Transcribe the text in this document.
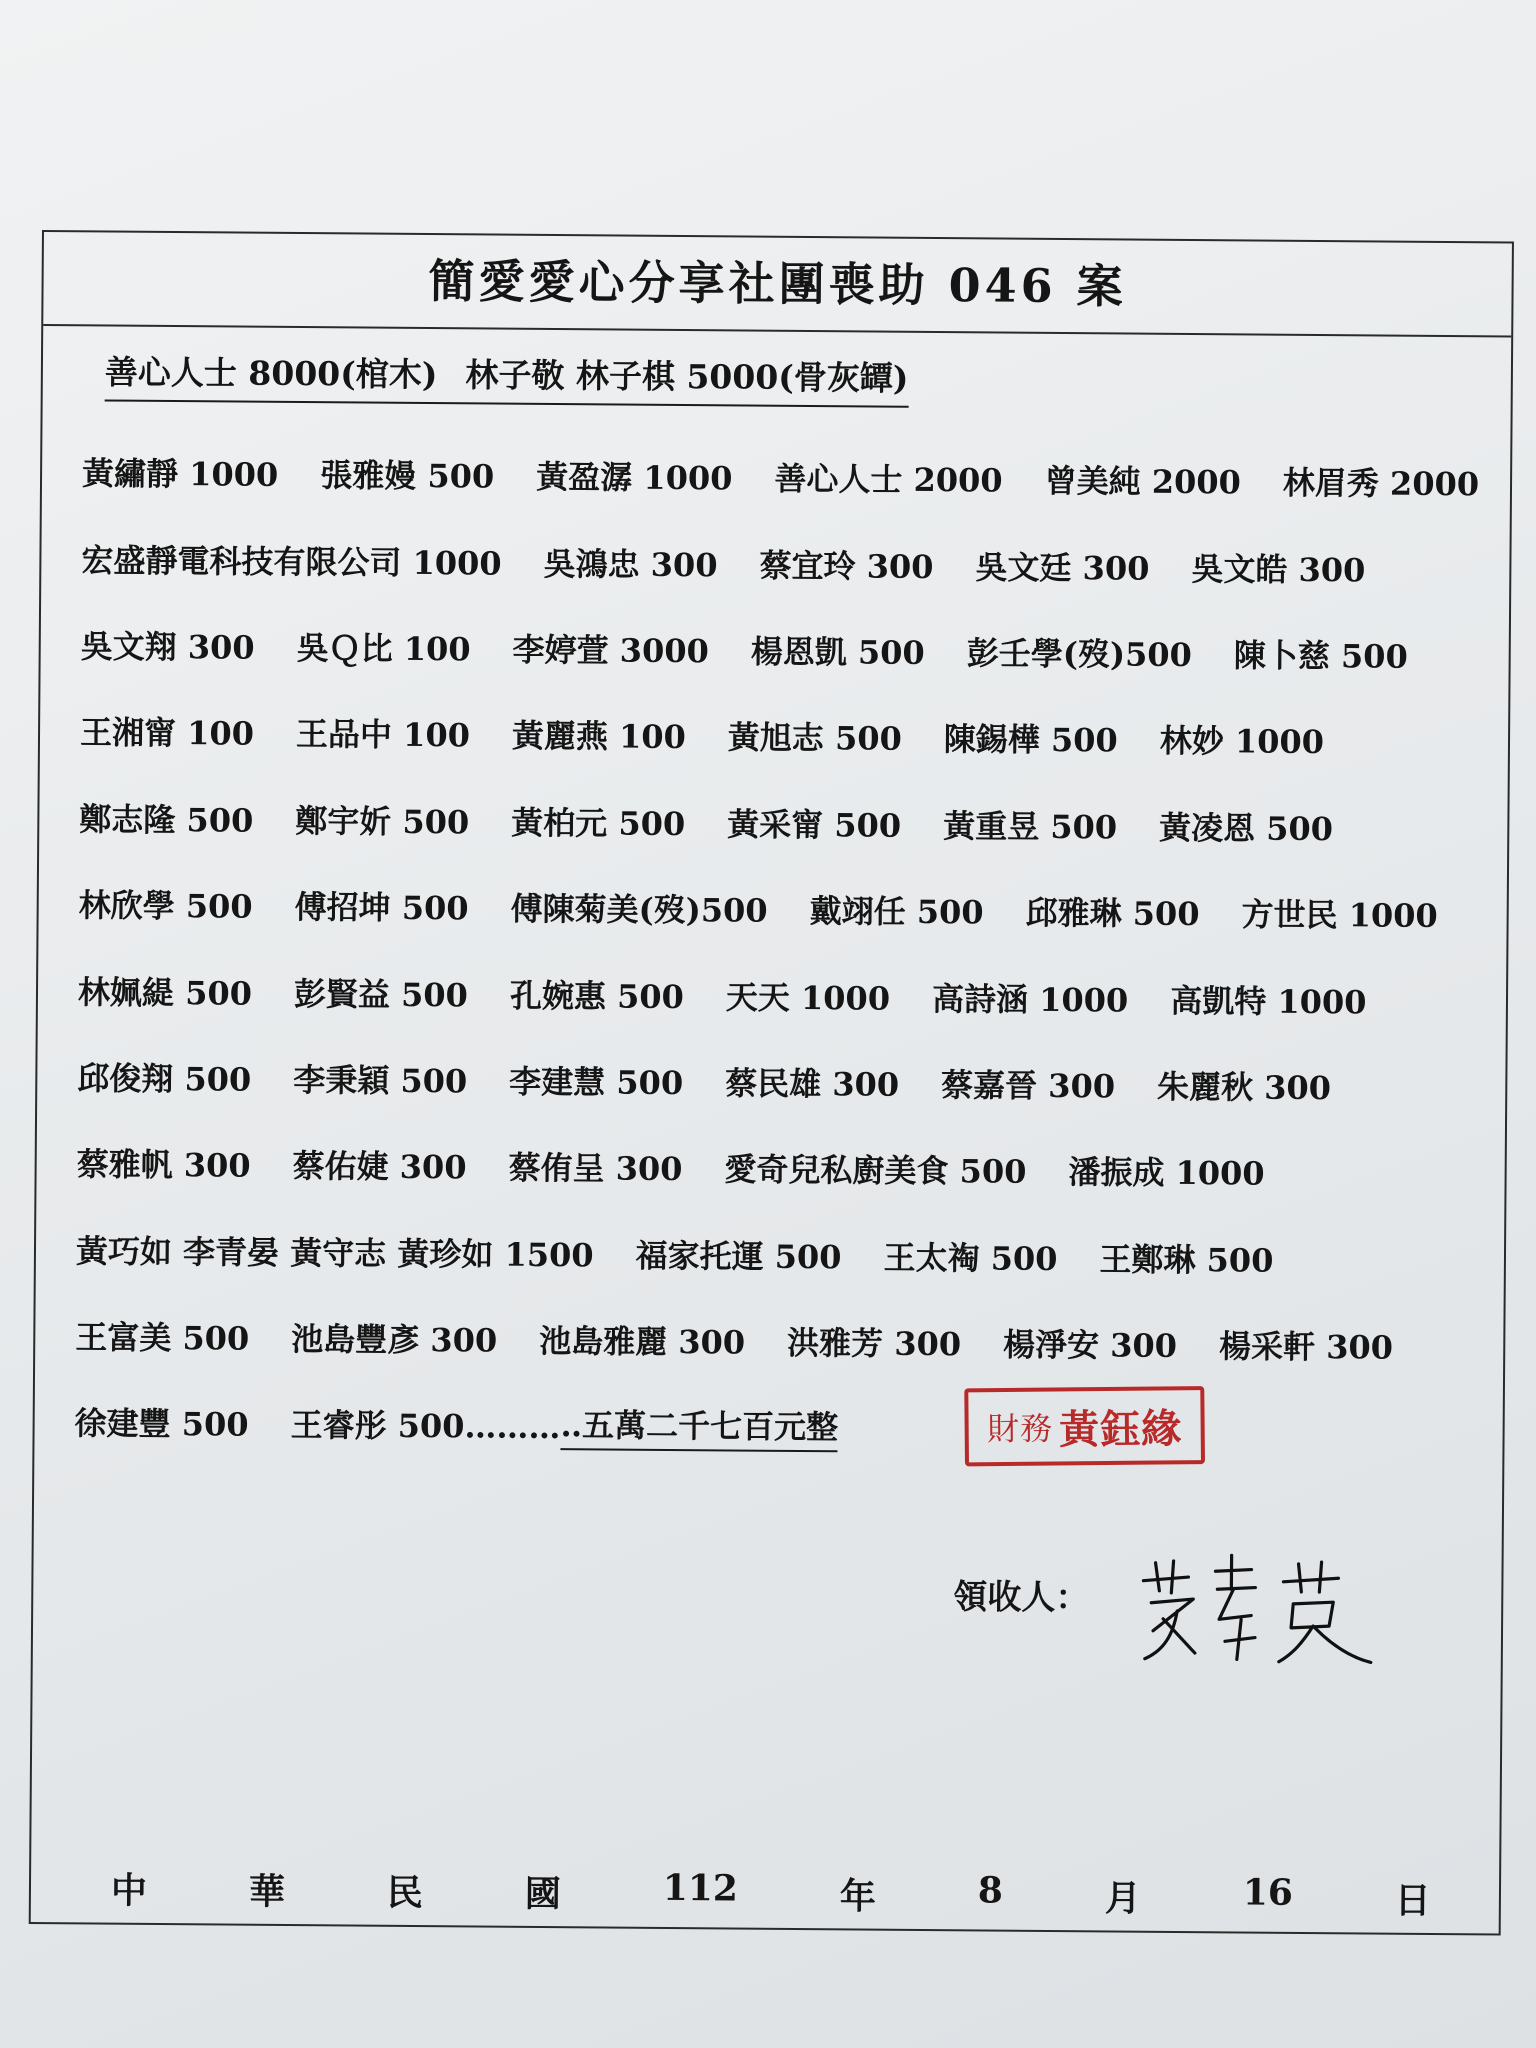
簡愛愛心分享社團喪助 046 案
善心人士 8000(棺木) 林子敬 林子棋 5000(骨灰罈)
黃繡靜 1000 張雅嫚 500 黃盈潺 1000 善心人士 2000 曾美純 2000 林眉秀 2000
宏盛靜電科技有限公司 1000 吳鴻忠 300 蔡宜玲 300 吳文廷 300 吳文皓 300
吳文翔 300 吳Ｑ比 100 李婷萱 3000 楊恩凱 500 彭壬學(歿)500 陳卜慈 500
王湘甯 100 王品中 100 黃麗燕 100 黃旭志 500 陳錫樺 500 林妙 1000
鄭志隆 500 鄭宇妡 500 黃柏元 500 黃采甯 500 黃重昱 500 黃凌恩 500
林欣學 500 傅招坤 500 傅陳菊美(歿)500 戴翊任 500 邱雅琳 500 方世民 1000
林姵緹 500 彭賢益 500 孔婉惠 500 天天 1000 高詩涵 1000 高凱特 1000
邱俊翔 500 李秉穎 500 李建慧 500 蔡民雄 300 蔡嘉晉 300 朱麗秋 300
蔡雅帆 300 蔡佑婕 300 蔡侑呈 300 愛奇兒私廚美食 500 潘振成 1000
黃巧如 李青晏 黃守志 黃珍如 1500 福家托運 500 王太祹 500 王鄭琳 500
王富美 500 池島豐彥 300 池島雅麗 300 洪雅芳 300 楊淨安 300 楊采軒 300
徐建豐 500 王睿彤 500……… ‥五萬二千七百元整	財務 黃鈺緣
領收人：
中	華	民	國	112	年	8	月	16	日
